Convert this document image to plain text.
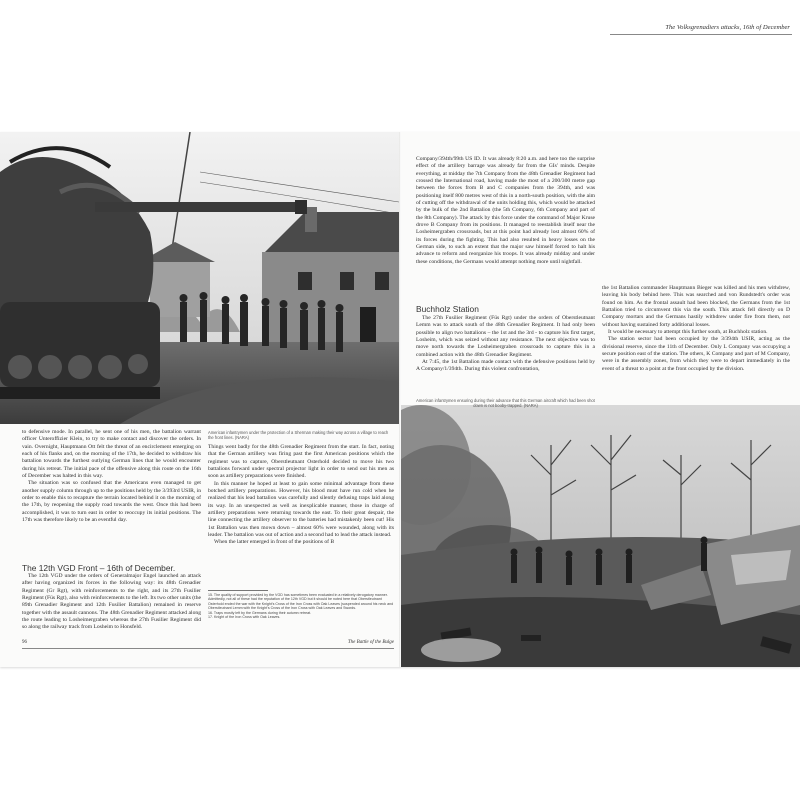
The Volksgrenadiers attacks, 16th of December

to defensive mode. In parallel, he sent one of his men, the battalion warrant officer Unteroffizier Klein, to try to make contact and discover the orders. In vain. Overnight, Hauptmann Ott felt the threat of an encirclement emerging on each of his flanks and, on the morning of the 17th, he decided to withdraw his battalion towards the furthest outlying German lines that he would encounter during his retreat. The initial pace of the offensive along this route on the 16th of December was halted in this way.

The situation was so confused that the Americans even managed to get another supply column through up to the positions held by the 3/393rd USIR, in order to enable this to recapture the terrain located behind it on the morning of the 17th, by reopening the supply road towards the west. Once this had been accomplished, it was to turn east in order to reoccupy its initial positions. The 17th was therefore likely to be an eventful day.

The 12th VGD Front – 16th of December.

The 12th VGD under the orders of Generalmajor Engel launched an attack after having organized its forces in the following way: its 48th Grenadier Regiment (Gr Rgt), with reinforcements to the right, and its 27th Fusilier Regiment (Füs Rgt), also with reinforcements to the left. Its two other units (the 89th Grenadier Regiment and 12th Fusilier Battalion) remained in reserve together with the assault cannons. The 48th Grenadier Regiment attacked along the route leading to Losheimergraben whereas the 27th Fusilier Regiment did so along the railway track from Losheim to Honsfeld.

American infantrymen under the protection of a Sherman making their way across a village to reach the front lines. (NARA)

Things went badly for the 48th Grenadier Regiment from the start. In fact, noting that the German artillery was firing past the first American positions which the regiment was to capture, Oberstleutnant Osterhold decided to move his two battalions forward under spectral projector light in order to send out his men as soon as artillery preparations were finished.

In this manner he hoped at least to gain some minimal advantage from these botched artillery preparations. However, his blood must have run cold when he realized that his lead battalion was carefully and silently defusing traps laid along its way. In an unexpected as well as inexplicable manner, those in charge of artillery preparations were returning towards the east. To their great despair, the line connecting the artillery observer to the batteries had mistakenly been cut! His 1st Battalion was then mown down – almost 60% were wounded, along with its leader. The battalion was out of action and a second had to lead the attack instead.

When the latter emerged in front of the positions of B

15. The quality of support provided by the VGD has sometimes been evaluated in a relatively derogatory manner. Admittedly, not all of these had the reputation of the 12th VGD but it should be noted here that Oberstleutnant Osterhold ended the war with the Knight's Cross of the Iron Cross with Oak Leaves (suspended around his neck and Oberstleutnant Lemm with the Knight's Cross of the Iron Cross with Oak Leaves and Swords.
16. Traps mostly left by the Germans during their autumn retreat.
17. Knight of the Iron Cross with Oak Leaves.
96	The Battle of the Bulge

Company/394th/99th US ID. It was already 8:20 a.m. and here too the surprise effect of the artillery barrage was already far from the GIs' minds. Despite everything, at midday the 7th Company from the 48th Grenadier Regiment had crossed the International road, having made the most of a 200/300 metre gap between the forces from B and C companies from the 394th, and was positioning itself 800 metres west of this in a north-south position, with the aim of cutting off the withdrawal of the units holding this, which would be attacked by the bulk of the 2nd Battalion (the 5th Company, 6th Company and part of the 8th Company). The attack by this force under the command of Major Kruse drove B Company from its positions. It managed to reestablish itself near the Losheimergraben crossroads, but at this point had already lost almost 60% of its forces during the fighting. This had also resulted in heavy losses on the German side, to such an extent that the major saw himself forced to halt his advance to reform and reorganize his troops. It was already midday and under these conditions, the Germans would attempt nothing more until nightfall.

Buchholz Station

The 27th Fusilier Regiment (Füs Rgt) under the orders of Oberstleutnant Lemm was to attack south of the 48th Grenadier Regiment. It had only been possible to align two battalions – the 1st and the 3rd - to capture his first target, Losheim, which was seized without any resistance. The next objective was to move north towards the Losheimergraben crossroads to capture this in a combined action with the 48th Grenadier Regiment.

At 7:45, the 1st Battalion made contact with the defensive positions held by A Company/1/394th. During this violent confrontation,

American infantrymen ensuring during their advance that this German aircraft which had been shot down is not booby-trapped. (NARA)

the 1st Battalion commander Hauptmann Bieger was killed and his men withdrew, leaving his body behind here. This was searched and von Rundstedt's order was found on him. As the frontal assault had been blocked, the Germans from the 1st Battalion tried to circumvent this via the south. This attack fell directly on D Company mortars and the Germans hastily withdrew under fire from them, not without having sustained forty additional losses.

It would be necessary to attempt this further south, at Buchholz station.

The station sector had been occupied by the 3/394th USIR, acting as the divisional reserve, since the 11th of December. Only L Company was occupying a secure position east of the station. The others, K Company and part of M Company, were in the assembly zones, from which they were to depart immediately in the event of a threat to a point at the front occupied by the division.
